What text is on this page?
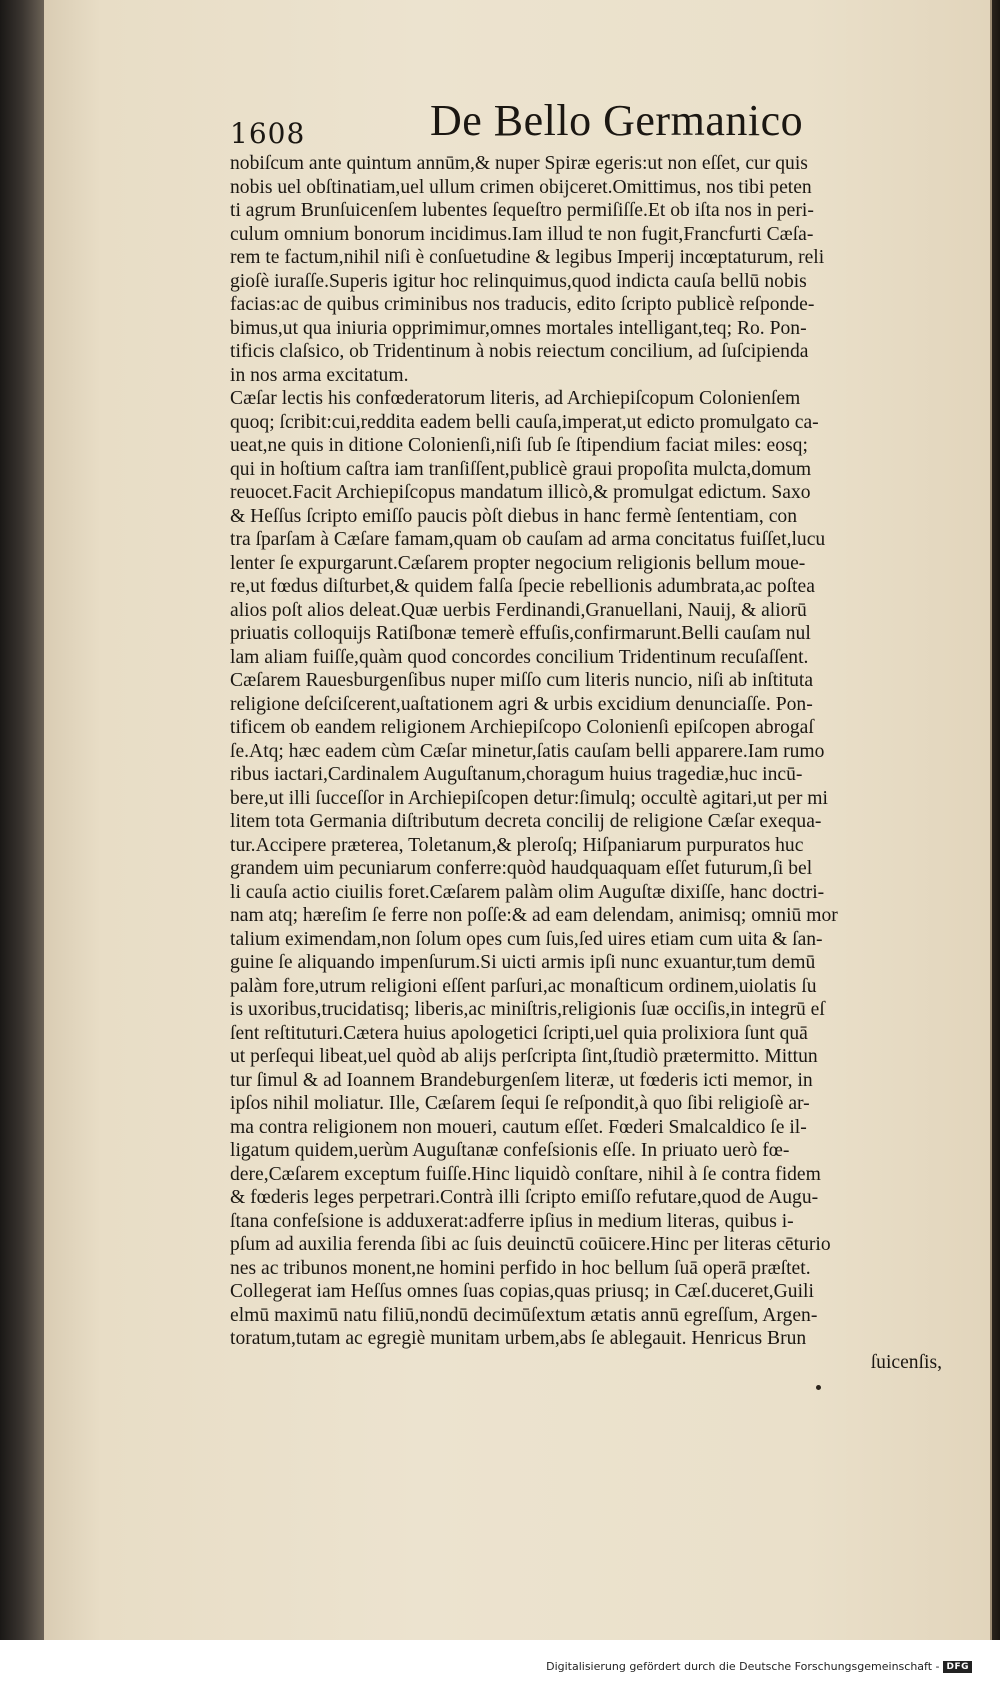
1608	De Bello Germanico
nobiſcum ante quintum annūm,& nuper Spiræ egeris:ut non eſſet, cur quis
nobis uel obſtinatiam,uel ullum crimen obijceret.Omittimus, nos tibi peten
ti agrum Brunſuicenſem lubentes ſequeſtro permiſiſſe.Et ob iſta nos in peri-
culum omnium bonorum incidimus.Iam illud te non fugit,Francfurti Cæſa-
rem te factum,nihil niſi è conſuetudine & legibus Imperij incœptaturum, reli
gioſè iuraſſe.Superis igitur hoc relinquimus,quod indicta cauſa bellū nobis
facias:ac de quibus criminibus nos traducis, edito ſcripto publicè reſponde-
bimus,ut qua iniuria opprimimur,omnes mortales intelligant,teq; Ro. Pon-
tificis claſsico, ob Tridentinum à nobis reiectum concilium, ad ſuſcipienda
in nos arma excitatum.
Cæſar lectis his confœderatorum literis, ad Archiepiſcopum Colonienſem
quoq; ſcribit:cui,reddita eadem belli cauſa,imperat,ut edicto promulgato ca-
ueat,ne quis in ditione Colonienſi,niſi ſub ſe ſtipendium faciat miles: eosq;
qui in hoſtium caſtra iam tranſiſſent,publicè graui propoſita mulcta,domum
reuocet.Facit Archiepiſcopus mandatum illicò,& promulgat edictum. Saxo
& Heſſus ſcripto emiſſo paucis pòſt diebus in hanc fermè ſententiam, con
tra ſparſam à Cæſare famam,quam ob cauſam ad arma concitatus fuiſſet,lucu
lenter ſe expurgarunt.Cæſarem propter negocium religionis bellum moue-
re,ut fœdus diſturbet,& quidem falſa ſpecie rebellionis adumbrata,ac poſtea
alios poſt alios deleat.Quæ uerbis Ferdinandi,Granuellani, Nauij, & aliorū
priuatis colloquijs Ratiſbonæ temerè effuſis,confirmarunt.Belli cauſam nul
lam aliam fuiſſe,quàm quod concordes concilium Tridentinum recuſaſſent.
Cæſarem Rauesburgenſibus nuper miſſo cum literis nuncio, niſi ab inſtituta
religione deſciſcerent,uaſtationem agri & urbis excidium denunciaſſe. Pon-
tificem ob eandem religionem Archiepiſcopo Colonienſi epiſcopen abrogaſ
ſe.Atq; hæc eadem cùm Cæſar minetur,ſatis cauſam belli apparere.Iam rumo
ribus iactari,Cardinalem Auguſtanum,choragum huius tragediæ,huc incū-
bere,ut illi ſucceſſor in Archiepiſcopen detur:ſimulq; occultè agitari,ut per mi
litem tota Germania diſtributum decreta concilij de religione Cæſar exequa-
tur.Accipere præterea, Toletanum,& pleroſq; Hiſpaniarum purpuratos huc
grandem uim pecuniarum conferre:quòd haudquaquam eſſet futurum,ſi bel
li cauſa actio ciuilis foret.Cæſarem palàm olim Auguſtæ dixiſſe, hanc doctri-
nam atq; hæreſim ſe ferre non poſſe:& ad eam delendam, animisq; omniū mor
talium eximendam,non ſolum opes cum ſuis,ſed uires etiam cum uita & ſan-
guine ſe aliquando impenſurum.Si uicti armis ipſi nunc exuantur,tum demū
palàm fore,utrum religioni eſſent parſuri,ac monaſticum ordinem,uiolatis ſu
is uxoribus,trucidatisq; liberis,ac miniſtris,religionis ſuæ occiſis,in integrū eſ
ſent reſtituturi.Cætera huius apologetici ſcripti,uel quia prolixiora ſunt quā
ut perſequi libeat,uel quòd ab alijs perſcripta ſint,ſtudiò prætermitto. Mittun
tur ſimul & ad Ioannem Brandeburgenſem literæ, ut fœderis icti memor, in
ipſos nihil moliatur. Ille, Cæſarem ſequi ſe reſpondit,à quo ſibi religioſè ar-
ma contra religionem non moueri, cautum eſſet. Fœderi Smalcaldico ſe il-
ligatum quidem,uerùm Auguſtanæ confeſsionis eſſe. In priuato uerò fœ-
dere,Cæſarem exceptum fuiſſe.Hinc liquidò conſtare, nihil à ſe contra fidem
& fœderis leges perpetrari.Contrà illi ſcripto emiſſo refutare,quod de Augu-
ſtana confeſsione is adduxerat:adferre ipſius in medium literas, quibus i-
pſum ad auxilia ferenda ſibi ac ſuis deuinctū coūicere.Hinc per literas cēturio
nes ac tribunos monent,ne homini perfido in hoc bellum ſuā operā præſtet.
Collegerat iam Heſſus omnes ſuas copias,quas priusq; in Cæſ.duceret,Guili
elmū maximū natu filiū,nondū decimūſextum ætatis annū egreſſum, Argen-
toratum,tutam ac egregiè munitam urbem,abs ſe ablegauit. Henricus Brun
ſuicenſis,
Digitalisierung gefördert durch die Deutsche Forschungsgemeinschaft - DFG
